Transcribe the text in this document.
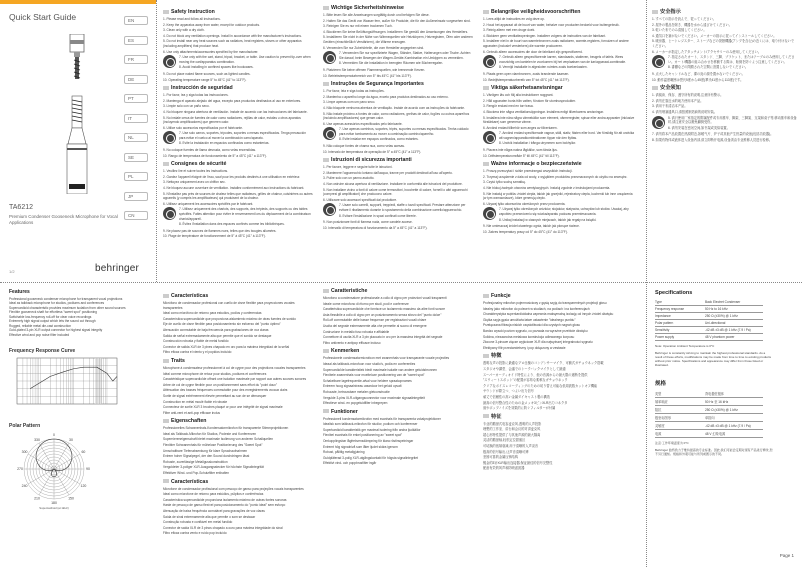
Quick Start Guide	EN
ES
FR
DE
PT
IT
NL
SE
PL
JP
CN
TA6212
Premium Condenser Gooseneck Microphone for Vocal Applications
1/2	behringer
Safety Instruction

1. Please read and follow all instructions.

2. Keep the apparatus away from water, except for outdoor products.

3. Clean only with a dry cloth.

4. Do not block any ventilation openings. Install in accordance with the manufacturer's instructions.

5. Do not install near any heat sources such as radiators, heat registers, stoves or other apparatus (including amplifiers) that produce heat.

6. Use only attachments/accessories specified by the manufacturer.

7. Use only with the cart, stand, tripod, bracket, or table. Use caution to prevent tip-over when moving the cart/apparatus combination.

8. Avoid installing in confined spaces like bookcases.

9. Do not place naked flame sources, such as lighted candles.

10. Operating temperature range 5° to 45°C (41° to 113°F).

Instrucción de seguridad

1. Por favor, lea y siga todas las instrucciones.

2. Mantenga el aparato alejado del agua, excepto para productos destinados al uso en exteriores.

3. Limpie solo con un paño seco.

4. No bloquee ninguna abertura de ventilación. Instale de acuerdo con las instrucciones del fabricante.

5. No instale cerca de fuentes de calor como radiadores, rejillas de calor, estufas u otros aparatos (incluyendo amplificadores) que generen calor.

6. Utilice solo accesorios especificados por el fabricante.

7. Use solo carros, soportes, trípodes, soportes o mesas especificados. Tenga precaución para evitar el vuelco al mover la combinación carro/aparato.

8. Evite la instalación en espacios confinados como estanterías.

9. No coloque fuentes de llama desnuda, como velas encendidas.

10. Rango de temperatura de funcionamiento de 5° a 45°C (41° a 113°F).

Consignes de sécurité

1. Veuillez lire et suivre toutes les instructions.

2. Gardez l'appareil éloigné de l'eau, sauf pour les produits destinés à une utilisation en extérieur.

3. Nettoyez uniquement avec un chiffon sec.

4. Ne bloquez aucune ouverture de ventilation. Installez conformément aux instructions du fabricant.

5. N'installez pas près de sources de chaleur telles que radiateurs, grilles de chaleur, cuisinières ou autres appareils (y compris les amplificateurs) qui produisent de la chaleur.

6. Utilisez uniquement les accessoires spécifiés par le fabricant.

7. Utilisez uniquement des chariots, des supports, des trépieds, des supports ou des tables spécifiés. Faites attention pour éviter le renversement lors du déplacement de la combinaison chariot/appareil.

8. Évitez l'installation dans des espaces confinés comme les bibliothèques.

9. Ne placez pas de sources de flammes nues, telles que des bougies allumées.

10. Plage de température de fonctionnement de 5° à 45°C (41° à 113°F).

Wichtige Sicherheitshinweise

1. Bitte lesen Sie alle Anweisungen sorgfältig durch und befolgen Sie diese.

2. Halten Sie das Gerät von Wasser fern, außer für Produkte, die für den Außeneinsatz vorgesehen sind.

3. Reinigen Sie es nur mit einem trockenen Tuch.

4. Blockieren Sie keine Belüftungsöffnungen. Installieren Sie gemäß den Anweisungen des Herstellers.

5. Installieren Sie nicht in der Nähe von Wärmequellen wie Heizkörpern, Heizregistern, Öfen oder anderen Geräten (einschließlich Verstärkern), die Wärme erzeugen.

6. Verwenden Sie nur Zubehörteile, die vom Hersteller angegeben sind.

7. Verwenden Sie nur spezifizierte Wagen, Ständer, Stative, Halterungen oder Tische. Achten Sie darauf, beim Bewegen der Wagen-Geräte-Kombination ein Umkippen zu vermeiden.

8. Vermeiden Sie die Installation in beengten Räumen wie Bücherregalen.

9. Platzieren Sie keine offenen Flammenquellen, wie brennende Kerzen.

10. Betriebstemperaturbereich von 5° bis 45°C (41° bis 113°F).

Instruções de Segurança Importantes

1. Por favor, leia e siga todas as instruções.

2. Mantenha o aparelho longe da água, exceto para produtos destinados ao uso externo.

3. Limpe apenas com um pano seco.

4. Não bloqueie nenhuma abertura de ventilação. Instale de acordo com as instruções do fabricante.

5. Não instale próximo a fontes de calor, como radiadores, grelhas de calor, fogões ou outros aparelhos (incluindo amplificadores) que geram calor.

6. Use apenas acessórios especificados pelo fabricante.

7. Use apenas carrinhos, suportes, tripés, suportes ou mesas especificados. Tenha cuidado para evitar tombamento ao mover a combinação carrinho/aparelho.

8. Evite instalar em espaços confinados, como estantes.

9. Não coloque fontes de chama nua, como velas acesas.

10. Intervalo de temperatura de operação de 5° a 45°C (41° a 113°F).

Istruzioni di sicurezza importanti

1. Per favore, leggere e seguire tutte le istruzioni.

2. Mantenere l'apparecchio lontano dall'acqua, tranne per prodotti destinati all'uso all'aperto.

3. Pulire solo con un panno asciutto.

4. Non ostruire alcuna apertura di ventilazione. Installare in conformità alle istruzioni del produttore.

5. Non installare vicino a fonti di calore come termosifoni, bocchette di calore, fornelli o altri apparecchi (compresi gli amplificatori) che producono calore.

6. Utilizzare solo accessori specificati dal produttore.

7. Usare solo carrelli, supporti, treppiedi, staffe o tavoli specificati. Prestare attenzione per evitare il ribaltamento durante lo spostamento della combinazione carrello/apparecchio.

8. Evitare l'installazione in spazi confinati come librerie.

9. Non posizionare fonti di fiamma nuda, come candele accese.

10. Intervallo di temperatura di funzionamento da 5° a 45°C (41° a 113°F).

Belangrijke veiligheidsvoorschriften

1. Lees altijd de instructies en volg deze op.

2. Houd het apparaat uit de buurt van water, behalve voor producten bedoeld voor buitengebruik.

3. Reinig alleen met een droge doek.

4. Blokkeer geen ventilatieopeningen. Installeer volgens de instructies van de fabrikant.

5. Installeer niet in de buurt van warmtebronnen zoals radiatoren, warmte-registers, fornuizen of andere apparaten (inclusief versterkers) die warmte produceren.

6. Gebruik alleen accessoires die door de fabrikant zijn gespecificeerd.

7. Gebruik alleen gespecificeerde karren, standaards, statieven, beugels of tafels. Wees voorzichtig om kantelen te voorkomen bij het verplaatsen van de kar/apparaat-combinatie.

8. Vermijd installatie in afgesloten ruimtes zoals boekenkasten.

9. Plaats geen open vlambronnen, zoals brandende kaarsen.

10. Bedrijfstemperatuurbereik van 5° tot 45°C (41° tot 113°F).

Viktiga säkerhetsanvisningar

1. Vänligen läs och följ alla instruktioner noggrant.

2. Håll apparaten borta från vatten, förutom för utomhusprodukter.

3. Rengör endast med en torr trasa.

4. Blockera inte några ventilationsöppningar. Installera enligt tillverkarens anvisningar.

5. Installera inte nära några värmekällor som element, värmeregister, spisar eller andra apparater (inklusive förstärkare) som genererar värme.

6. Använd endast tillbehör som anges av tillverkaren.

7. Använd endast specificerade vagnar, ställ, stativ, fästen eller bord. Var försiktig för att undvika att vagnen/apparatkombinationen tippar när den flyttas.

8. Undvik installation i trånga utrymmen som bokhyllor.

9. Placera inte några nakna lågkällor, som tända ljus.

10. Driftstemperaturområde 5° till 45°C (41° till 113°F).

Ważne informacje o bezpieczeństwie

1. Proszę przeczytać i ściśle przestrzegać wszystkich instrukcji.

2. Trzymaj urządzenie z dala od wody, z wyjątkiem produktów przeznaczonych do użytku na zewnątrz.

3. Czyść tylko suchą szmatką.

4. Nie blokuj żadnych otworów wentylacyjnych. Instaluj zgodnie z instrukcjami producenta.

5. Nie instaluj w pobliżu źródeł ciepła, takich jak grzejniki, rejestratory ciepła, kuchenki lub inne urządzenia (w tym wzmacniacze), które generują ciepło.

6. Używaj tylko akcesoriów określonych przez producenta.

7. Używaj tylko określonych wózków, stojaków, statywów, uchwytów lub stołów. Uważaj, aby zapobiec przewróceniu się wózka/aparatu podczas przemieszczania.

8. Unikaj instalacji w ciasnych miejscach, takich jak regały na książki.

9. Nie umieszczaj źródeł otwartego ognia, takich jak płonące świece.

10. Zakres temperatury pracy od 5° do 45°C (41° do 113°F).

安全指示

1. すべての指示を読んで、従ってください。

2. 屋外の製品を除き、機器を水から遠ざけてください。

3. 乾いた布でのみ清掃してください。

4. 通気口を塞がないでください。メーカーの指示に従ってインストールしてください。

5. 暖房器、ヒートレジスター、ストーブなどの発熱機器(アンプを含む)の近くには、取り付けないでください。

6. メーカーが指定したアタッチメント/アクセサリーのみ使用してください。

7. 指定されたカート、スタンド、三脚、ブラケット、またはテーブルのみ使用してください。カート/機器の組み合わせを移動する際は、転倒を防ぐよう注意してください。

8. 書棚などの閉鎖された空間に設置しないでください。

9. 点火したキャンドルなど、裸の炎の源を置かないでください。

10. 動作温度範囲は摂氏5度から45度(華氏41度から113度)です。

安全须知

1. 请阅读、保存、遵守所有的说明,注意所有警示。

2. 请勿在靠近水的地方使用本产品。

3. 请用干布清洁本产品。

4. 请勿堵塞通风口,请按照制造商的说明安装。

5. 请只使用厂家指定的附属配件或专用推车、脚架、三脚架、支架和桌子等,移动推车和设备时,请注意安全以避免翻倒受伤。

6. 请勿安装在密闭空间,如书架或类似装置。

7. 请勿将本产品放置在热源附近,如暖气片、炉子或其他产生热量的设备(包括功放器)。

8. 如果有物体或液体进入设备内部,请立即断开电源,设备须由专业维修人员进行检修。

Features

Professional gooseneck condenser microphone for transparent vocal projections

Ideal as talkback microphone for studios, podiums and conferences

Supercardioid characteristic provides maximum isolation from other sound sources

Flexible gooseneck shaft for effortless "sweet spot" positioning

Switchable low-frequency roll-off for clear voice recordings

Extremely high signal output which lets the sound cut through

Rugged, reliable metal die-cast construction

Gold-plated 3-pin XLR output connector for highest signal integrity

Effective wind and pop noise filter included

Frequency Response Curve
Polar Pattern
0
30
60
90
120
150
180
210
240
270
300
330
Supercardioid (at 1kHz)
Características

Micrófono de condensador profesional con cuello de cisne flexible para proyecciones vocales transparentes

Ideal como micrófono de retorno para estudios, podios y conferencias

Característica supercardioide que proporciona aislamiento máximo de otras fuentes de sonido

Eje de cuello de cisne flexible para posicionamiento sin esfuerzo del "punto óptimo"

Atenuación conmutable de baja frecuencia para grabaciones de voz claras

Salida de señal extremadamente alta que permite que el sonido se destaque

Construcción robusta y fiable de metal fundido

Conector de salida XLR de 3 pines chapado en oro para la máxima integridad de la señal

Filtro eficaz contra el viento y el popidos incluido

Traits

Microphone à condensateur professionnel à col de cygne pour des projections vocales transparentes

Idéal comme microphone de retour pour studios, podiums et conférences

Caractéristique supercardioïde offrant une isolation maximale par rapport aux autres sources sonores

Arbre de col de cygne flexible pour un positionnement sans effort du "point doux"

Atténuation des basses fréquences commutable pour des enregistrements vocaux clairs

Sortie de signal extrêmement élevée permettant au son de se démarquer

Construction en métal moulé fiable et robuste

Connecteur de sortie XLR 3 broches plaqué or pour une intégrité de signal maximale

Filtre anti-vent et anti-pop efficace inclus

Eigenschaften

Professionelles Schwanenhals-Kondensatormikrofon für transparente Stimmprojektionen

Ideal als Talkback-Mikrofon für Studios, Podeste und Konferenzen

Superniereneigenschaft bietet maximale Isolierung von anderen Schallquellen

Flexibler Schwanenhals für mühelose Positionierung des "Sweet Spot"

Umschaltbare Tiefenabsenkung für klare Sprachaufnahmen

Extrem hoher Signalpegel, der den Sound durchdringen lässt

Robuste, zuverlässige Metallgusskonstruktion

Vergoldeter 3-poliger XLR-Ausgangsstecker für höchste Signalintegrität

Effektiver Wind- und Pop-Schutzfilter enthalten

Características

Microfone de condensador profissional com pescoço de ganso para projeções vocais transparentes

Ideal como microfone de retorno para estúdios, púlpitos e conferências

Característica supercardioide proporciona isolamento máximo de outras fontes sonoras

Haste de pescoço de ganso flexível para posicionamento do "ponto ideal" sem esforço

Atenuação de baixa frequência comutável para gravações de voz claras

Saída de sinal extremamente alta que permite o som se destacar

Construção robusta e confiável em metal fundido

Conector de saída XLR de 3 pinos chapado a ouro para máxima integridade do sinal

Filtro eficaz contra vento e ruído pop incluído

Caratteristiche

Microfono a condensatore professionale a collo di cigno per proiezioni vocali trasparenti

Ideale come microfono di ritorno per studi, podi e conferenze

Caratteristica supercardioide che fornisce un isolamento massimo da altre fonti sonore

Asta flessibile a collo di cigno per un posizionamento senza sforzo del "punto dolce"

Roll-off commutabile delle basse frequenze per registrazioni vocali chiare

Uscita del segnale estremamente alta che permette al suono di emergere

Costruzione in metallo fuso robusta e affidabile

Connettore di uscita XLR a 3 pin placcato in oro per la massima integrità del segnale

Filtro antivento e antipop efficace incluso

Kenmerken

Professionele condensatormicrofoon met zwanenhals voor transparante vocale projecties

Ideaal als talkback-microfoon voor studio's, podia en conferenties

Supercardioïde karakteristiek biedt maximale isolatie van andere geluidsbronnen

Flexibele zwanenhals voor moeiteloze positionering van de "sweet spot"

Schakelbare lagefrequentie-afval voor heldere spraakopnames

Extreem hoog signaalniveau waardoor het geluid opvalt

Robuuste, betrouwbare metalen gietconstructie

Vergulde 3-pins XLR-uitgangsconnector voor maximale signaalintegriteit

Effectieve wind- en popgeluidfilter inbegrepen

Funktioner

Professionell kondensatormikrofon med svanhals för transparenta vokalprojektioner

Idealisk som talkback-mikrofon för studior, podium och konferenser

Superkardioid karakteristik ger maximal isolering från andra ljudkällor

Flexibel svanhals för enkel positionering av "sweet spot"

Omkopplingsbar lågfrekvensdämpning för klara röstinspelningar

Extremt hög signalnivå som låter ljudet skära igenom

Robust, pålitlig metallgjutning

Guldpläterad 3-polig XLR-utgångskontakt för högsta signalintegritet

Effektivt vind- och poppbrusfilter ingår

Funkcje

Profesjonalny mikrofon pojemnościowy z gęsią szyją do transparentnych projekcji głosu

Idealny jako mikrofon do poleceń w studiach, na podiach i na konferencjach

Charakterystyka superkardioidalna zapewnia maksymalną izolację od innych źródeł dźwięku

Giętka szyja gęsia umożliwia łatwe ustawienie "idealnego punktu"

Przełączana filtracja niskich częstotliwości dla czystych nagrań głosu

Bardzo wysoki poziom sygnału, co pozwala na wyraźne przebicie dźwięku

Solidna, niezawodna metalowa konstrukcja odlewanego korpusu

Złocone 3-pinowe złącze wyjściowe XLR dla najwyższej integralności sygnału

Efektywny filtr przeciwwietrzny i pop dołączony w zestawie

特徴

透明な声の投影に最適なプロ仕様のコンデンサーマイク、可動式ガチョウネック搭載

スタジオや講堂、会議でのトークバックマイクとして最適

スーパーカーディオイド特性により、他の音源からの最大限の遮断を提供

"スウィートスポット"の配置が容易な柔軟なガチョウネック

クリアなボイスレコーディングのための切り替え可能な低周波数カットオフ機能

サウンドが際立つ、つよい出力信号

頑丈で信頼性の高い金属ダイキャスト製の構造

最高の信号整合性のための金メッキ3ピンXLR出力コネクタ

風やポップノイズを効果的に防ぐフィルターが付属

特征

专业的鹅颈式电容麦克风,透明的人声投影

理想的工作室、讲台和会议的对讲麦克风

超心形特性提供了与其他声源的最大隔离

灵活的鹅颈轴,轻松定位甜蜜区

可切换的低频衰减,用于清晰的人声录音

极高的信号输出,让声音清晰可辨

坚固可靠的金属压铸结构

镀金的3针XLR输出连接器,保证最佳的信号完整性

配备有效的风声和防喷滤波器

Specifications
Type	Back Electret Condenser
Frequency response	50 Hz to 16 kHz
Impedance	250 Ω (±30%) @ 1 kHz
Polar pattern	Uni-directional
Sensitivity	-42 dB ±3 dB @ 1 kHz (7.9 / Pa)
Power supply	48 V phantom power
Note: Operation Ambient Temperature is 0°C
Behringer is constantly striving to maintain the highest professional standards. As a result of these efforts, modifications may be made from time to time to existing products without prior notice. Specifications and appearance may differ from those listed or illustrated.
规格
类型	背电极驻极体
频率响应	50 Hz 至 16 kHz
阻抗	250 Ω (±30%) @ 1 kHz
极坐标图形	单指向
灵敏度	-42 dB ±3 dB @ 1 kHz (7.9 / Pa)
电源	48 V 幻象电源
注意:工作环境温度为 0°C
Behringer 始终致力于维持最高的专业标准。因此,我们可能会定期对现有产品进行修改,恕不另行通知。规格和外观可能与所列或图示的不同。
Page 1
